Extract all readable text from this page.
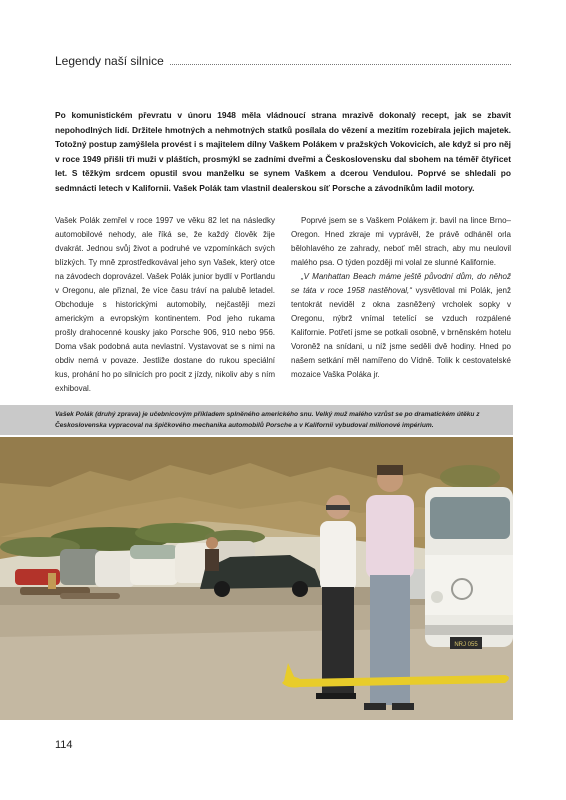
Legendy naší silnice
Po komunistickém převratu v únoru 1948 měla vládnoucí strana mrazivě dokonalý recept, jak se zbavit nepohodlných lidí. Držitele hmotných a nehmotných statků posílala do vězení a mezitím rozebírala jejich majetek. Totožný postup zamýšlela provést i s majitelem dílny Vaškem Polákem v pražských Vokovicích, ale když si pro něj v roce 1949 přišli tři muži v pláštích, prosmýkl se zadními dveřmi a Československu dal sbohem na téměř čtyřicet let. S těžkým srdcem opustil svou manželku se synem Vaškem a dcerou Vendulou. Poprvé se shledali po sedmnácti letech v Kalifornii. Vašek Polák tam vlastnil dealerskou síť Porsche a závodníkům ladil motory.

Vašek Polák zemřel v roce 1997 ve věku 82 let na následky automobilové nehody, ale říká se, že každý člověk žije dvakrát. Jednou svůj život a podruhé ve vzpomínkách svých blízkých. Ty mně zprostředkovával jeho syn Vašek, který otce na závodech doprovázel. Vašek Polák junior bydlí v Portlandu v Oregonu, ale přiznal, že více času tráví na palubě letadel. Obchoduje s historickými automobily, nejčastěji mezi americkým a evropským kontinentem. Pod jeho rukama prošly drahocenné kousky jako Porsche 906, 910 nebo 956. Doma však podobná auta nevlastní. Vystavovat se s nimi na obdiv nemá v povaze. Jestliže dostane do rukou speciální kus, prohání ho po silnicích pro pocit z jízdy, nikoliv aby s ním exhiboval.

Poprvé jsem se s Vaškem Polákem jr. bavil na lince Brno–Oregon. Hned zkraje mi vyprávěl, že právě odháněl orla bělohlavého ze zahrady, neboť měl strach, aby mu neulovil malého psa. O týden později mi volal ze slunné Kalifornie.

„V Manhattan Beach máme ještě původní dům, do něhož se táta v roce 1958 nastěhoval,“ vysvětloval mi Polák, jenž tentokrát neviděl z okna zasněžený vrcholek sopky v Oregonu, nýbrž vnímal tetelící se vzduch rozpálené Kalifornie. Potřetí jsme se potkali osobně, v brněnském hotelu Voroněž na snídani, u níž jsme seděli dvě hodiny. Hned po našem setkání měl namířeno do Vídně. Tolik k cestovatelské mozaice Vaška Poláka jr.

Vašek Polák (druhý zprava) je učebnicovým příkladem splněného amerického snu. Velký muž malého vzrůst se po dramatickém útěku z Československa vypracoval na špičkového mechanika automobilů Porsche a v Kalifornii vybudoval milionové impérium.
NRJ 055
114
